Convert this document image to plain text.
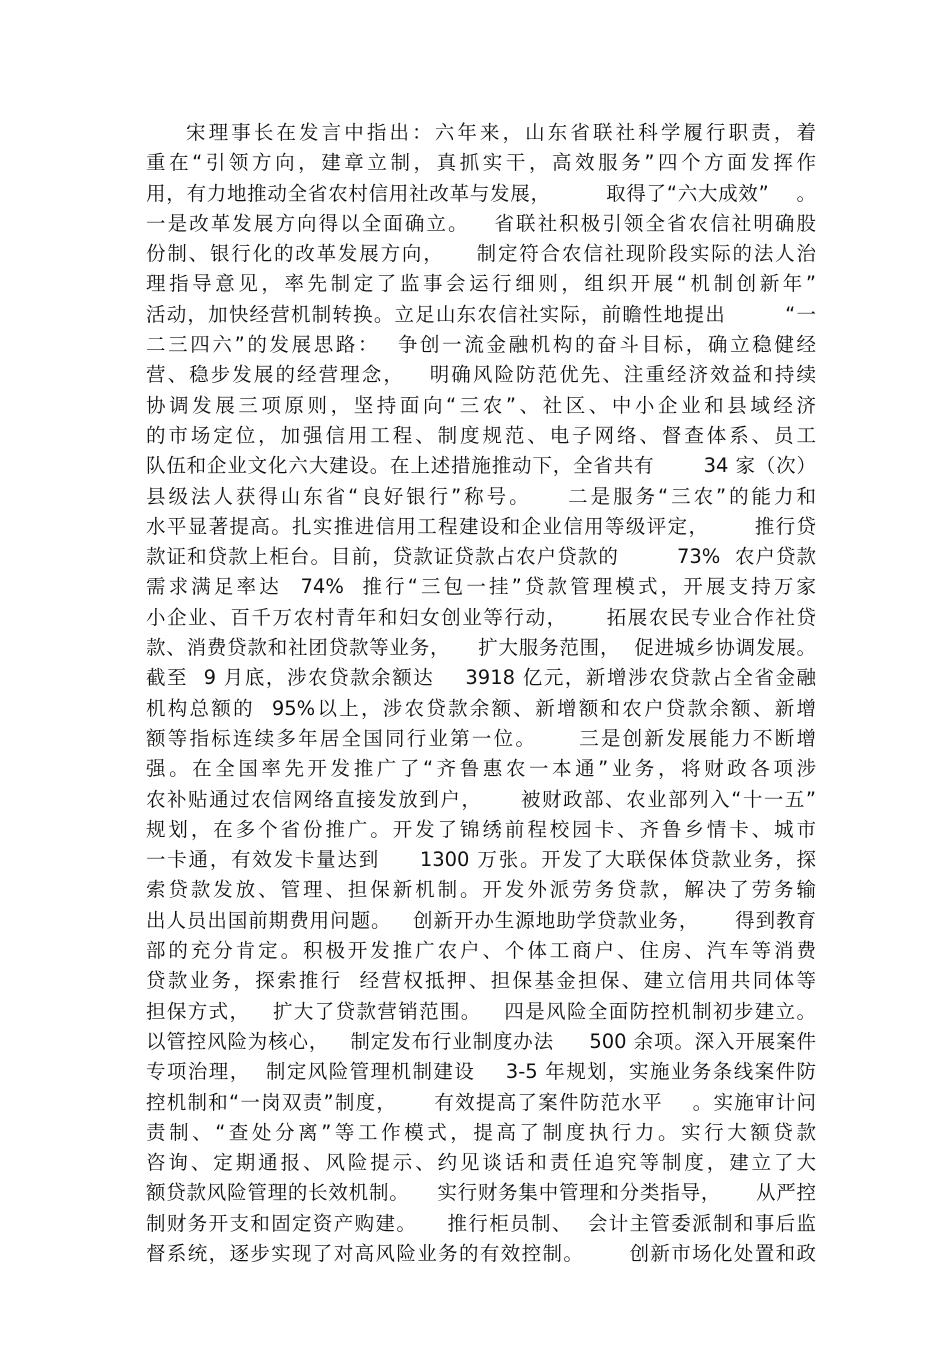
宋理事长在发言中指出：六年来，山东省联社科学履行职责，着
重在“引领方向，建章立制，真抓实干，高效服务”四个方面发挥作
用，有力地推动全省农村信用社改革与发展，        取得了“六大成效”    。
一是改革发展方向得以全面确立。   省联社积极引领全省农信社明确股
份制、银行化的改革发展方向，    制定符合农信社现阶段实际的法人治
理指导意见，率先制定了监事会运行细则，组织开展“机制创新年”
活动，加快经营机制转换。立足山东农信社实际，前瞻性地提出        “一
二三四六”的发展思路：  争创一流金融机构的奋斗目标，确立稳健经
营、稳步发展的经营理念，   明确风险防范优先、注重经济效益和持续
协调发展三项原则，坚持面向“三农”、社区、中小企业和县域经济
的市场定位，加强信用工程、制度规范、电子网络、督查体系、员工
队伍和企业文化六大建设。在上述措施推动下，全省共有       34 家（次）
县级法人获得山东省“良好银行”称号。    二是服务“三农”的能力和
水平显著提高。扎实推进信用工程建设和企业信用等级评定，      推行贷
款证和贷款上柜台。目前，贷款证贷款占农户贷款的        73%  农户贷款
需求满足率达  74%  推行“三包一挂”贷款管理模式，开展支持万家
小企业、百千万农村青年和妇女创业等行动，     拓展农民专业合作社贷
款、消费贷款和社团贷款等业务，    扩大服务范围，  促进城乡协调发展。
截至  9 月底，涉农贷款余额达    3918 亿元，新增涉农贷款占全省金融
机构总额的  95%以上，涉农贷款余额、新增额和农户贷款余额、新增
额等指标连续多年居全国同行业第一位。     三是创新发展能力不断增
强。在全国率先开发推广了“齐鲁惠农一本通”业务，将财政各项涉
农补贴通过农信网络直接发放到户，     被财政部、农业部列入“十一五”
规划，在多个省份推广。开发了锦绣前程校园卡、齐鲁乡情卡、城市
一卡通，有效发卡量达到     1300 万张。开发了大联保体贷款业务，探
索贷款发放、管理、担保新机制。开发外派劳务贷款，解决了劳务输
出人员出国前期费用问题。   创新开办生源地助学贷款业务，     得到教育
部的充分肯定。积极开发推广农户、个体工商户、住房、汽车等消费
贷款业务，探索推行  经营权抵押、担保基金担保、建立信用共同体等
担保方式，   扩大了贷款营销范围。   四是风险全面防控机制初步建立。
以管控风险为核心，   制定发布行业制度办法     500 余项。深入开展案件
专项治理，  制定风险管理机制建设    3-5 年规划，实施业务条线案件防
控机制和“一岗双责”制度，     有效提高了案件防范水平    。实施审计问
责制、“查处分离”等工作模式，提高了制度执行力。实行大额贷款
咨询、定期通报、风险提示、约见谈话和责任追究等制度，建立了大
额贷款风险管理的长效机制。    实行财务集中管理和分类指导，     从严控
制财务开支和固定资产购建。    推行柜员制、  会计主管委派制和事后监
督系统，逐步实现了对高风险业务的有效控制。      创新市场化处置和政
